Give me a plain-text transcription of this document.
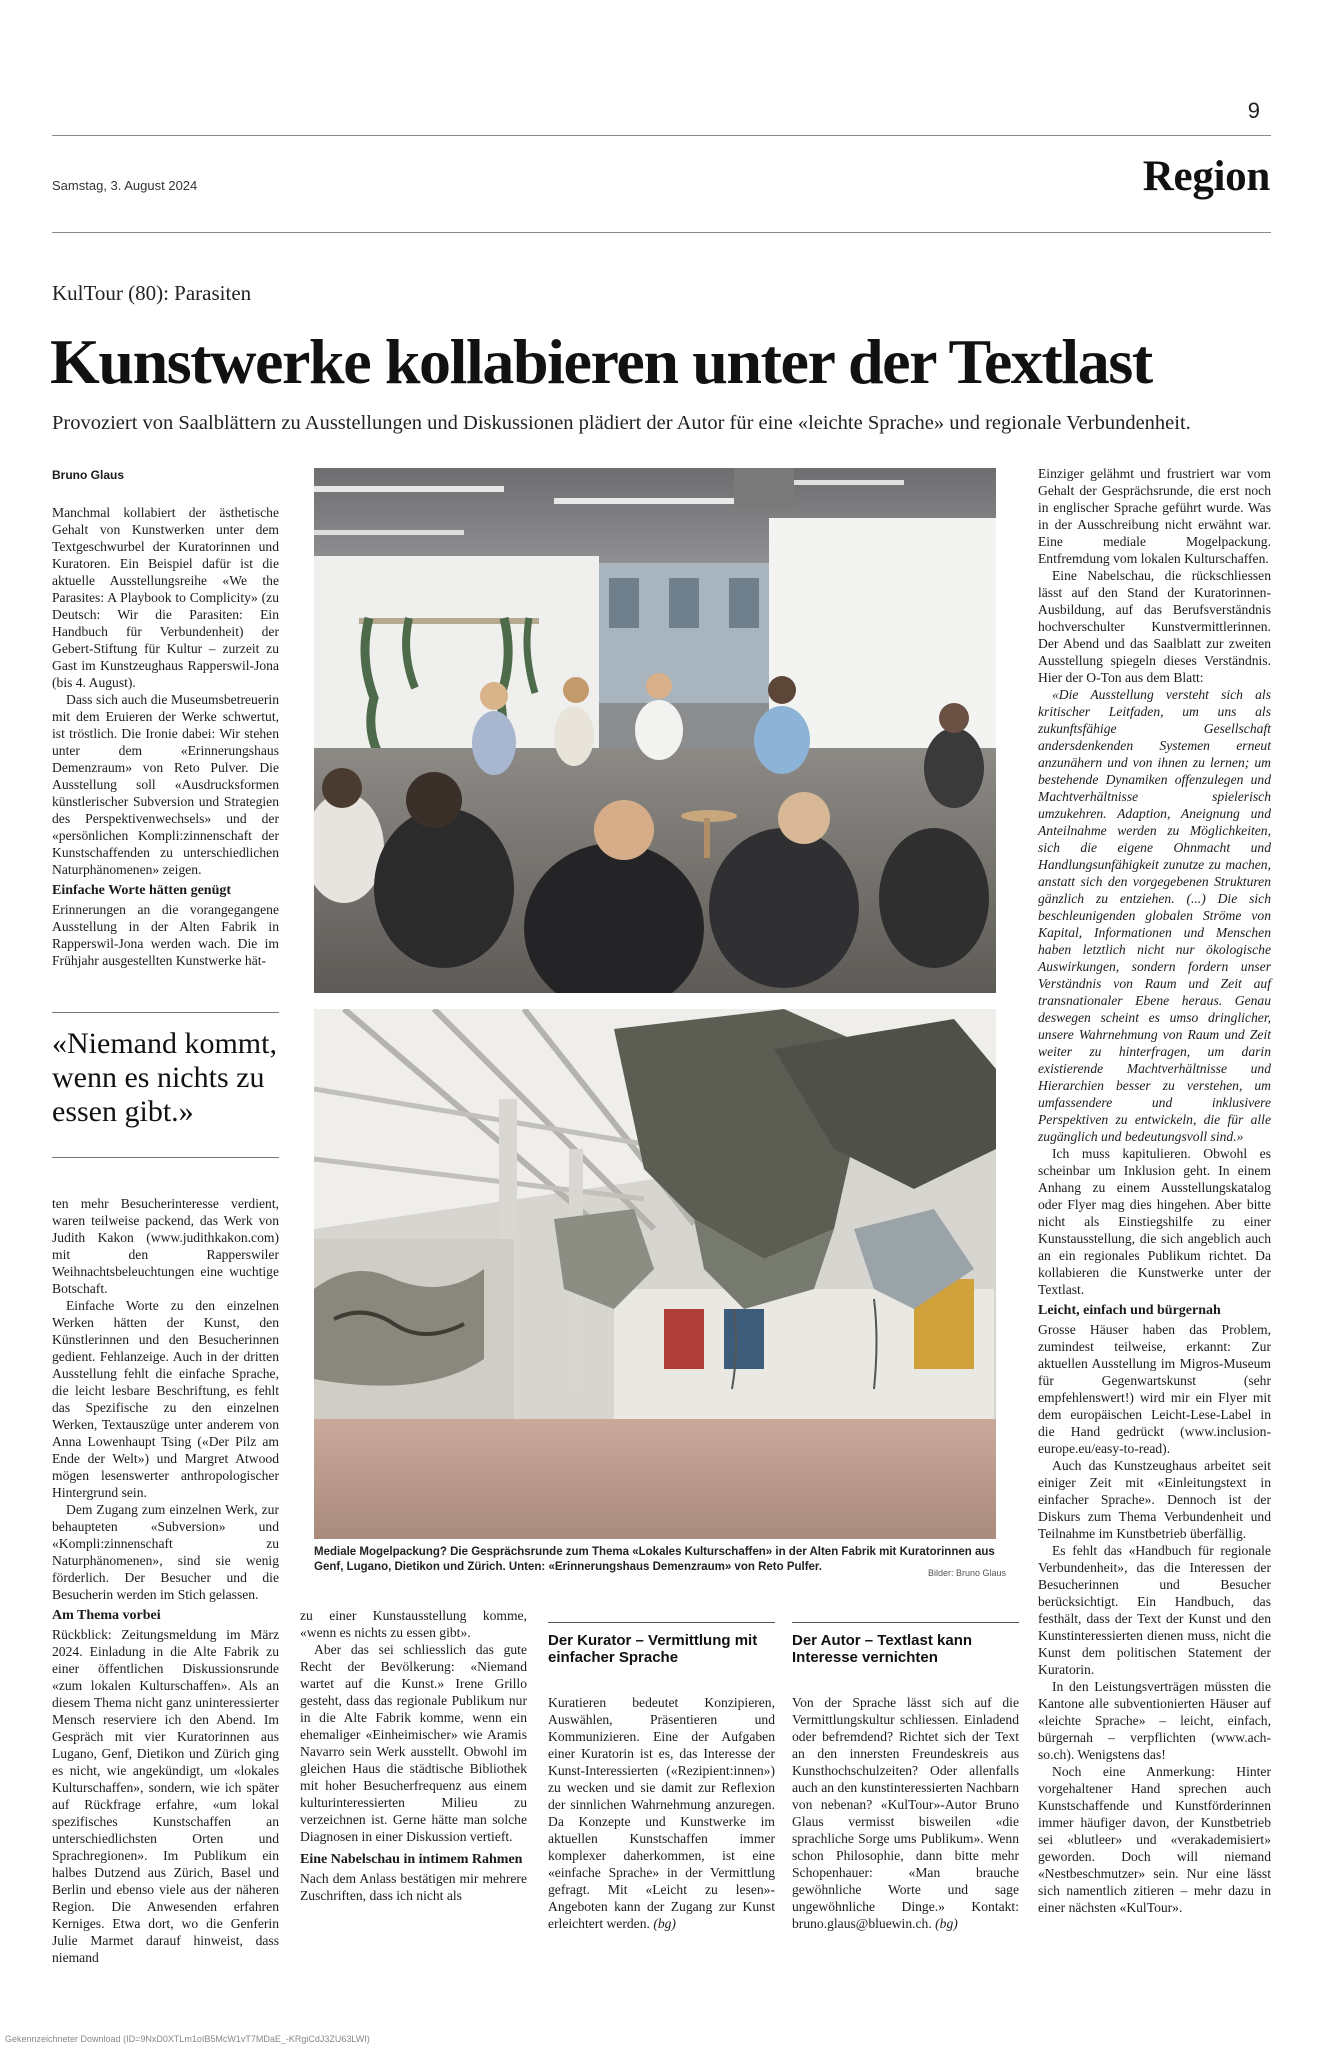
9
Samstag, 3. August 2024	Region
KulTour (80): Parasiten
Kunstwerke kollabieren unter der Textlast
Provoziert von Saalblättern zu Ausstellungen und Diskussionen plädiert der Autor für eine «leichte Sprache» und regionale Verbundenheit.
Bruno Glaus

Manchmal kollabiert der ästhetische Gehalt von Kunstwerken unter dem Textgeschwurbel der Kuratorinnen und Kuratoren. Ein Beispiel dafür ist die aktuelle Ausstellungsreihe «We the Parasites: A Playbook to Complicity» (zu Deutsch: Wir die Parasiten: Ein Handbuch für Verbundenheit) der Gebert-Stiftung für Kultur – zurzeit zu Gast im Kunstzeughaus Rapperswil-Jona (bis 4. August).

Dass sich auch die Museumsbetreuerin mit dem Eruieren der Werke schwertut, ist tröstlich. Die Ironie dabei: Wir stehen unter dem «Erinnerungshaus Demenzraum» von Reto Pulver. Die Ausstellung soll «Ausdrucksformen künstlerischer Subversion und Strategien des Perspektivenwechsels» und der «persönlichen Kompli:zinnenschaft der Kunstschaffenden zu unterschiedlichen Naturphänomenen» zeigen.

Einfache Worte hätten genügt

Erinnerungen an die vorangegangene Ausstellung in der Alten Fabrik in Rapperswil-Jona werden wach. Die im Frühjahr ausgestellten Kunstwerke hät-

«Niemand kommt, wenn es nichts zu essen gibt.»

ten mehr Besucherinteresse verdient, waren teilweise packend, das Werk von Judith Kakon (www.judithkakon.com) mit den Rapperswiler Weihnachtsbeleuchtungen eine wuchtige Botschaft.

Einfache Worte zu den einzelnen Werken hätten der Kunst, den Künstlerinnen und den Besucherinnen gedient. Fehlanzeige. Auch in der dritten Ausstellung fehlt die einfache Sprache, die leicht lesbare Beschriftung, es fehlt das Spezifische zu den einzelnen Werken, Textauszüge unter anderem von Anna Lowenhaupt Tsing («Der Pilz am Ende der Welt») und Margret Atwood mögen lesenswerter anthropologischer Hintergrund sein.

Dem Zugang zum einzelnen Werk, zur behaupteten «Subversion» und «Kompli:zinnenschaft zu Naturphänomenen», sind sie wenig förderlich. Der Besucher und die Besucherin werden im Stich gelassen.

Am Thema vorbei

Rückblick: Zeitungsmeldung im März 2024. Einladung in die Alte Fabrik zu einer öffentlichen Diskussionsrunde «zum lokalen Kulturschaffen». Als an diesem Thema nicht ganz uninteressierter Mensch reserviere ich den Abend. Im Gespräch mit vier Kuratorinnen aus Lugano, Genf, Dietikon und Zürich ging es nicht, wie angekündigt, um «lokales Kulturschaffen», sondern, wie ich später auf Rückfrage erfahre, «um lokal spezifisches Kunstschaffen an unterschiedlichsten Orten und Sprachregionen». Im Publikum ein halbes Dutzend aus Zürich, Basel und Berlin und ebenso viele aus der näheren Region. Die Anwesenden erfahren Kerniges. Etwa dort, wo die Genferin Julie Marmet darauf hinweist, dass niemand

Mediale Mogelpackung? Die Gesprächsrunde zum Thema «Lokales Kulturschaffen» in der Alten Fabrik mit Kuratorinnen aus Genf, Lugano, Dietikon und Zürich. Unten: «Erinnerungshaus Demenzraum» von Reto Pulfer.	Bilder: Bruno Glaus

zu einer Kunstausstellung komme, «wenn es nichts zu essen gibt».

Aber das sei schliesslich das gute Recht der Bevölkerung: «Niemand wartet auf die Kunst.» Irene Grillo gesteht, dass das regionale Publikum nur in die Alte Fabrik komme, wenn ein ehemaliger «Einheimischer» wie Aramis Navarro sein Werk ausstellt. Obwohl im gleichen Haus die städtische Bibliothek mit hoher Besucherfrequenz aus einem kulturinteressierten Milieu zu verzeichnen ist. Gerne hätte man solche Diagnosen in einer Diskussion vertieft.

Eine Nabelschau in intimem Rahmen

Nach dem Anlass bestätigen mir mehrere Zuschriften, dass ich nicht als

Der Kurator – Vermittlung mit einfacher Sprache

Kuratieren bedeutet Konzipieren, Auswählen, Präsentieren und Kommunizieren. Eine der Aufgaben einer Kuratorin ist es, das Interesse der Kunst-Interessierten («Rezipient:innen») zu wecken und sie damit zur Reflexion der sinnlichen Wahrnehmung anzuregen. Da Konzepte und Kunstwerke im aktuellen Kunstschaffen immer komplexer daherkommen, ist eine «einfache Sprache» in der Vermittlung gefragt. Mit «Leicht zu lesen»-Angeboten kann der Zugang zur Kunst erleichtert werden. (bg)

Der Autor – Textlast kann Interesse vernichten

Von der Sprache lässt sich auf die Vermittlungskultur schliessen. Einladend oder befremdend? Richtet sich der Text an den innersten Freundeskreis aus Kunsthochschulzeiten? Oder allenfalls auch an den kunstinteressierten Nachbarn von nebenan? «KulTour»-Autor Bruno Glaus vermisst bisweilen «die sprachliche Sorge ums Publikum». Wenn schon Philosophie, dann bitte mehr Schopenhauer: «Man brauche gewöhnliche Worte und sage ungewöhnliche Dinge.» Kontakt: bruno.glaus@bluewin.ch. (bg)

Einziger gelähmt und frustriert war vom Gehalt der Gesprächsrunde, die erst noch in englischer Sprache geführt wurde. Was in der Ausschreibung nicht erwähnt war. Eine mediale Mogelpackung. Entfremdung vom lokalen Kulturschaffen.

Eine Nabelschau, die rückschliessen lässt auf den Stand der Kuratorinnen-Ausbildung, auf das Berufsverständnis hochverschulter Kunstvermittlerinnen. Der Abend und das Saalblatt zur zweiten Ausstellung spiegeln dieses Verständnis. Hier der O-Ton aus dem Blatt:

«Die Ausstellung versteht sich als kritischer Leitfaden, um uns als zukunftsfähige Gesellschaft andersdenkenden Systemen erneut anzunähern und von ihnen zu lernen; um bestehende Dynamiken offenzulegen und Machtverhältnisse spielerisch umzukehren. Adaption, Aneignung und Anteilnahme werden zu Möglichkeiten, sich die eigene Ohnmacht und Handlungsunfähigkeit zunutze zu machen, anstatt sich den vorgegebenen Strukturen gänzlich zu entziehen. (...) Die sich beschleunigenden globalen Ströme von Kapital, Informationen und Menschen haben letztlich nicht nur ökologische Auswirkungen, sondern fordern unser Verständnis von Raum und Zeit auf transnationaler Ebene heraus. Genau deswegen scheint es umso dringlicher, unsere Wahrnehmung von Raum und Zeit weiter zu hinterfragen, um darin existierende Machtverhältnisse und Hierarchien besser zu verstehen, um umfassendere und inklusivere Perspektiven zu entwickeln, die für alle zugänglich und bedeutungsvoll sind.»

Ich muss kapitulieren. Obwohl es scheinbar um Inklusion geht. In einem Anhang zu einem Ausstellungskatalog oder Flyer mag dies hingehen. Aber bitte nicht als Einstiegshilfe zu einer Kunstausstellung, die sich angeblich auch an ein regionales Publikum richtet. Da kollabieren die Kunstwerke unter der Textlast.

Leicht, einfach und bürgernah

Grosse Häuser haben das Problem, zumindest teilweise, erkannt: Zur aktuellen Ausstellung im Migros-Museum für Gegenwartskunst (sehr empfehlenswert!) wird mir ein Flyer mit dem europäischen Leicht-Lese-Label in die Hand gedrückt (www.inclusion-europe.eu/easy-to-read).

Auch das Kunstzeughaus arbeitet seit einiger Zeit mit «Einleitungstext in einfacher Sprache». Dennoch ist der Diskurs zum Thema Verbundenheit und Teilnahme im Kunstbetrieb überfällig.

Es fehlt das «Handbuch für regionale Verbundenheit», das die Interessen der Besucherinnen und Besucher berücksichtigt. Ein Handbuch, das festhält, dass der Text der Kunst und den Kunstinteressierten dienen muss, nicht die Kunst dem politischen Statement der Kuratorin.

In den Leistungsverträgen müssten die Kantone alle subventionierten Häuser auf «leichte Sprache» – leicht, einfach, bürgernah – verpflichten (www.ach-so.ch). Wenigstens das!

Noch eine Anmerkung: Hinter vorgehaltener Hand sprechen auch Kunstschaffende und Kunstförderinnen immer häufiger davon, der Kunstbetrieb sei «blutleer» und «verakademisiert» geworden. Doch will niemand «Nestbeschmutzer» sein. Nur eine lässt sich namentlich zitieren – mehr dazu in einer nächsten «KulTour».

Gekennzeichneter Download (ID=9NxD0XTLm1oIB5McW1vT7MDaE_-KRgiCdJ3ZU63LWI)
